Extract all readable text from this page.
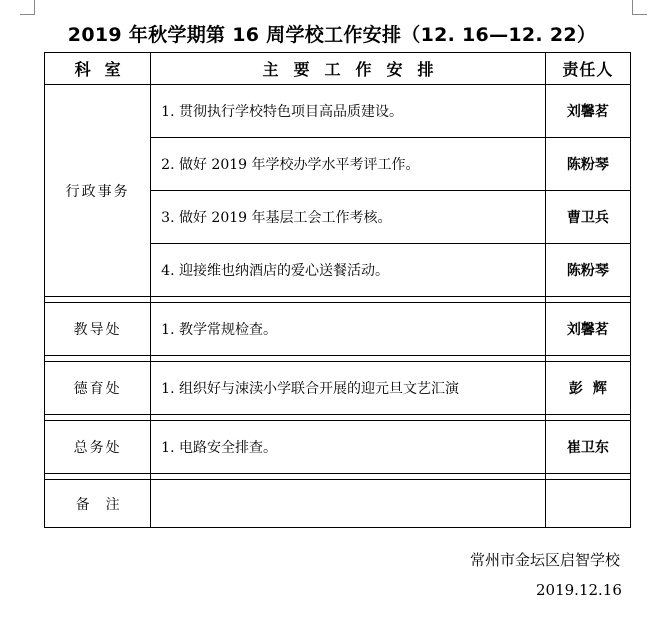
2019 年秋学期第 16 周学校工作安排（12. 16—12. 22）
科室	主要工作安排	责任人
行政事务	1. 贯彻执行学校特色项目高品质建设。	刘馨茗
	2. 做好 2019 年学校办学水平考评工作。	陈粉琴
	3. 做好 2019 年基层工会工作考核。	曹卫兵
	4. 迎接维也纳酒店的爱心送餐活动。	陈粉琴

教导处	1. 教学常规检查。	刘馨茗

德育处	1. 组织好与涑渎小学联合开展的迎元旦文艺汇演	彭辉

总务处	1. 电路安全排查。	崔卫东

备注		
常州市金坛区启智学校
2019.12.16
